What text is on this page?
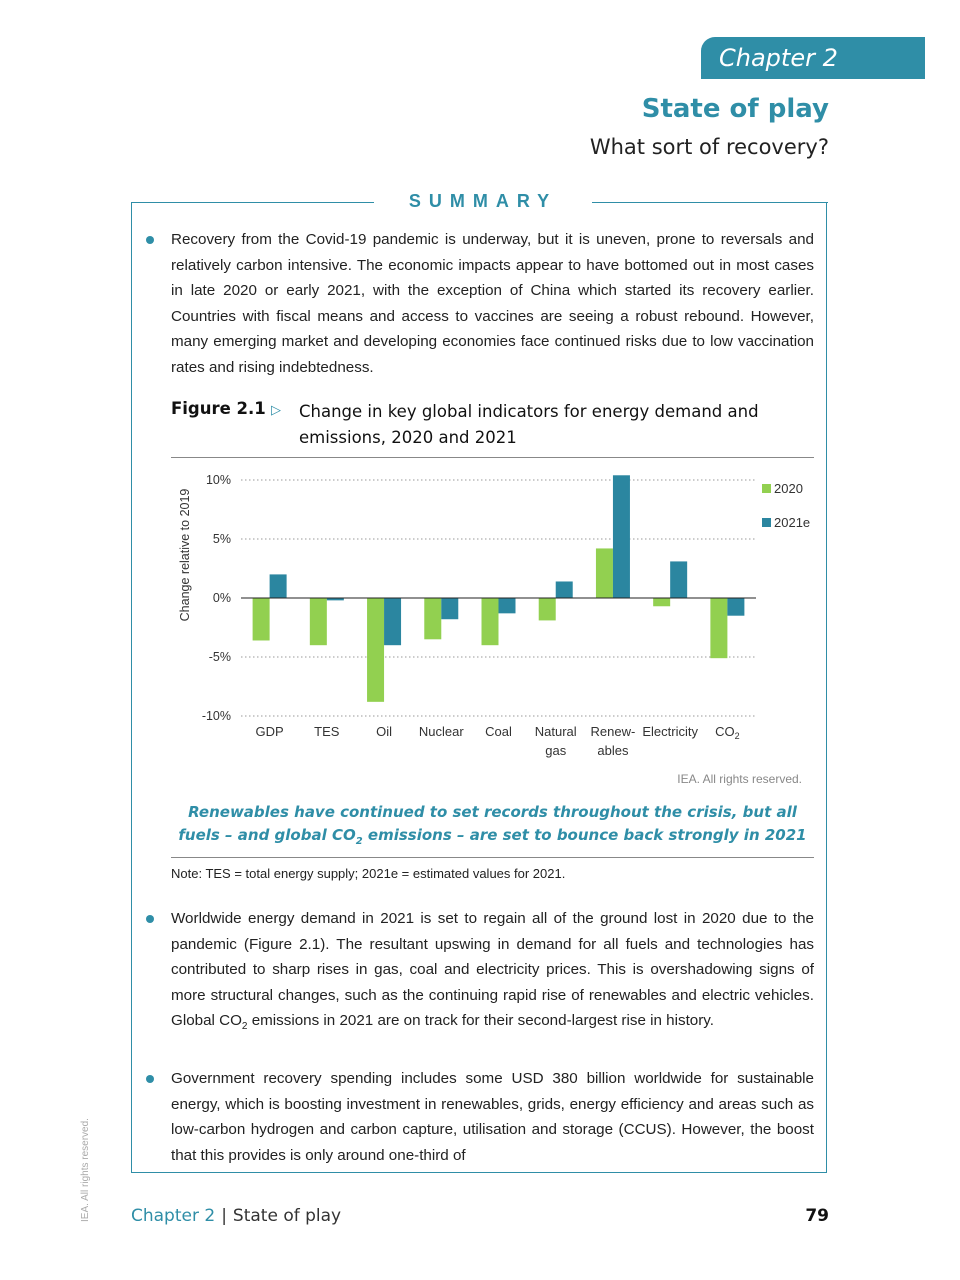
Chapter 2
State of play
What sort of recovery?
SUMMARY
Recovery from the Covid-19 pandemic is underway, but it is uneven, prone to reversals and relatively carbon intensive. The economic impacts appear to have bottomed out in most cases in late 2020 or early 2021, with the exception of China which started its recovery earlier. Countries with fiscal means and access to vaccines are seeing a robust rebound. However, many emerging market and developing economies face continued risks due to low vaccination rates and rising indebtedness.
Figure 2.1 ▷ Change in key global indicators for energy demand and emissions, 2020 and 2021
Change relative to 2019
10%
5%
0%
-5%
-10%
GDP TES	Oil Nuclear Coal Natural
gas
Renew-
ables
Electricity $CO_2$
2020
2021e
IEA. All rights reserved.
Renewables have continued to set records throughout the crisis, but all fuels – and global $CO_2$ emissions – are set to bounce back strongly in 2021
Note: TES = total energy supply; 2021e = estimated values for 2021.
Worldwide energy demand in 2021 is set to regain all of the ground lost in 2020 due to the pandemic (Figure 2.1). The resultant upswing in demand for all fuels and technologies has contributed to sharp rises in gas, coal and electricity prices. This is overshadowing signs of more structural changes, such as the continuing rapid rise of renewables and electric vehicles. Global $CO_2$ emissions in 2021 are on track for their second-largest rise in history.
Government recovery spending includes some USD 380 billion worldwide for sustainable energy, which is boosting investment in renewables, grids, energy efficiency and areas such as low-carbon hydrogen and carbon capture, utilisation and storage (CCUS). However, the boost that this provides is only around one-third of
Chapter 2 | State of play	79
IEA. All rights reserved.
